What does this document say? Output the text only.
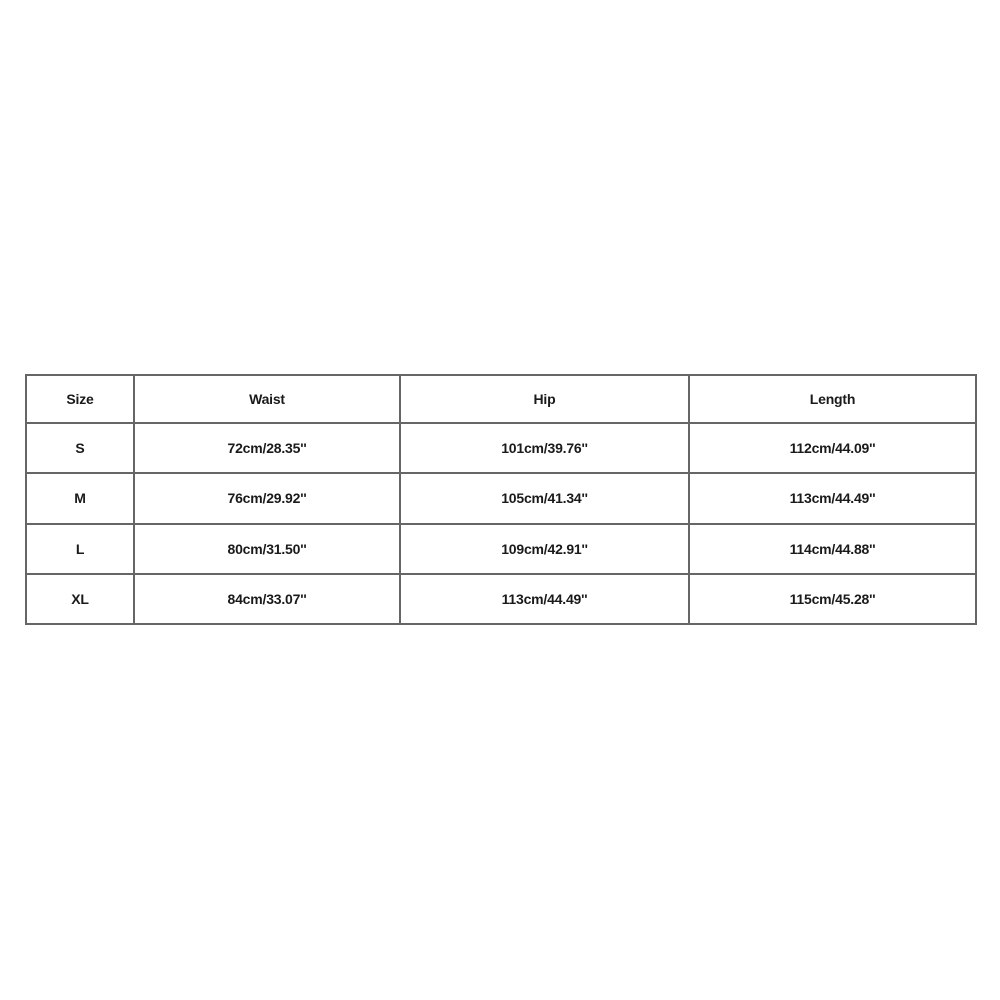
Size	Waist	Hip	Length
S	72cm/28.35''	101cm/39.76''	112cm/44.09''
M	76cm/29.92''	105cm/41.34''	113cm/44.49''
L	80cm/31.50''	109cm/42.91''	114cm/44.88''
XL	84cm/33.07''	113cm/44.49''	115cm/45.28''
